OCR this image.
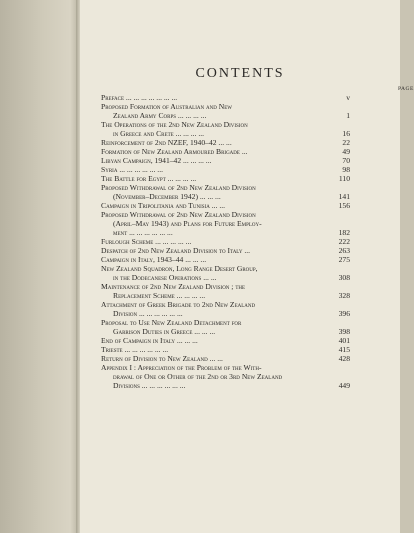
CONTENTS
PAGE
Preface ... ... ... ... ... ... ...	v
Proposed Formation of Australian and New
Zealand Army Corps ... ... ... ...	1
The Operations of the 2nd New Zealand Division
in Greece and Crete ... ... ... ...	16
Reinforcement of 2nd NZEF, 1940–42 ... ...	22
Formation of New Zealand Armoured Brigade ...	49
Libyan Campaign, 1941–42 ... ... ... ...	70
Syria ... ... ... ... ... ...	98
The Battle for Egypt ... ... ... ...	110
Proposed Withdrawal of 2nd New Zealand Division
(November–December 1942) ... ... ...	141
Campaign in Tripolitania and Tunisia ... ...	156
Proposed Withdrawal of 2nd New Zealand Division
(April–May 1943) and Plans for Future Employ-
ment ... ... ... ... ... ...	182
Furlough Scheme ... ... ... ... ...	222
Despatch of 2nd New Zealand Division to Italy ...	263
Campaign in Italy, 1943–44 ... ... ...	275
New Zealand Squadron, Long Range Desert Group,
in the Dodecanese Operations ... ...	308
Maintenance of 2nd New Zealand Division ; the
Replacement Scheme ... ... ... ...	328
Attachment of Greek Brigade to 2nd New Zealand
Division ... ... ... ... ... ...	396
Proposal to Use New Zealand Detachment for
Garrison Duties in Greece ... ... ...	398
End of Campaign in Italy ... ... ...	401
Trieste ... ... ... ... ... ...	415
Return of Division to New Zealand ... ...	428
Appendix I : Appreciation of the Problem of the With-
drawal of One or Other of the 2nd or 3rd New Zealand
Divisions ... ... ... ... ... ...	449
